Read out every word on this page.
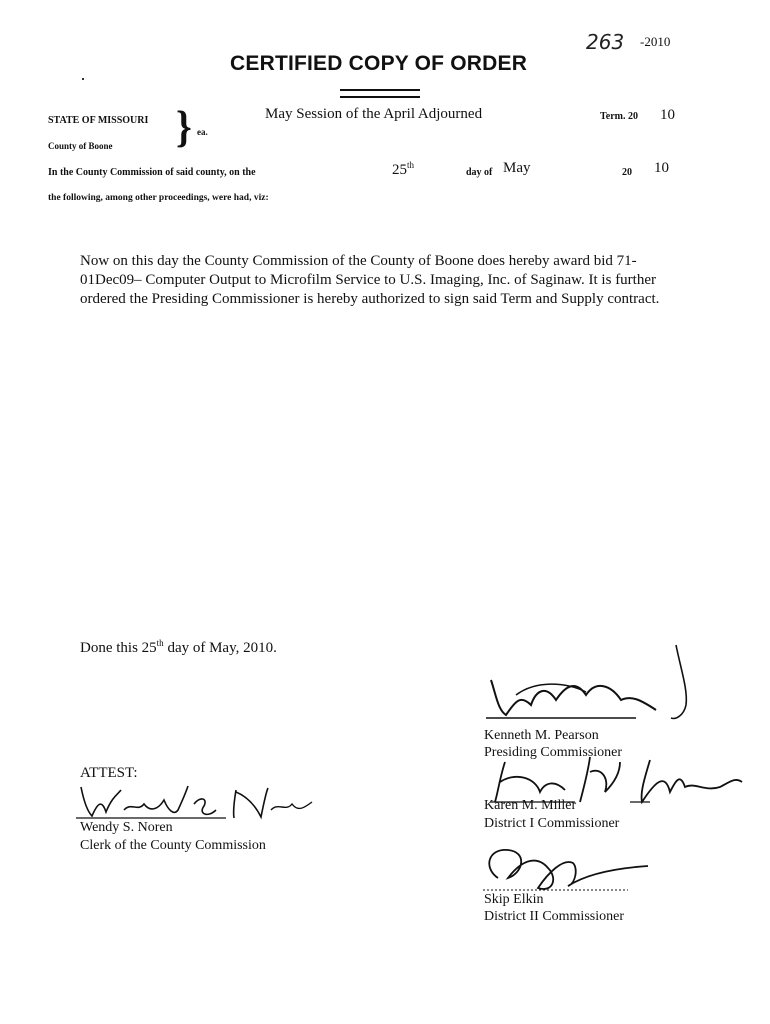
263 -2010
CERTIFIED COPY OF ORDER
STATE OF MISSOURI } ea.
County of Boone
May Session of the April Adjourned	Term. 20 10
In the County Commission of said county, on the	25th
day of May	20 10
the following, among other proceedings, were had, viz:
Now on this day the County Commission of the County of Boone does hereby award bid 71-01Dec09– Computer Output to Microfilm Service to U.S. Imaging, Inc. of Saginaw. It is further ordered the Presiding Commissioner is hereby authorized to sign said Term and Supply contract.
Done this 25th day of May, 2010.
Kenneth M. Pearson
Presiding Commissioner
Karen M. Miller
District I Commissioner
Skip Elkin
District II Commissioner
ATTEST:
Wendy S. Noren
Clerk of the County Commission
